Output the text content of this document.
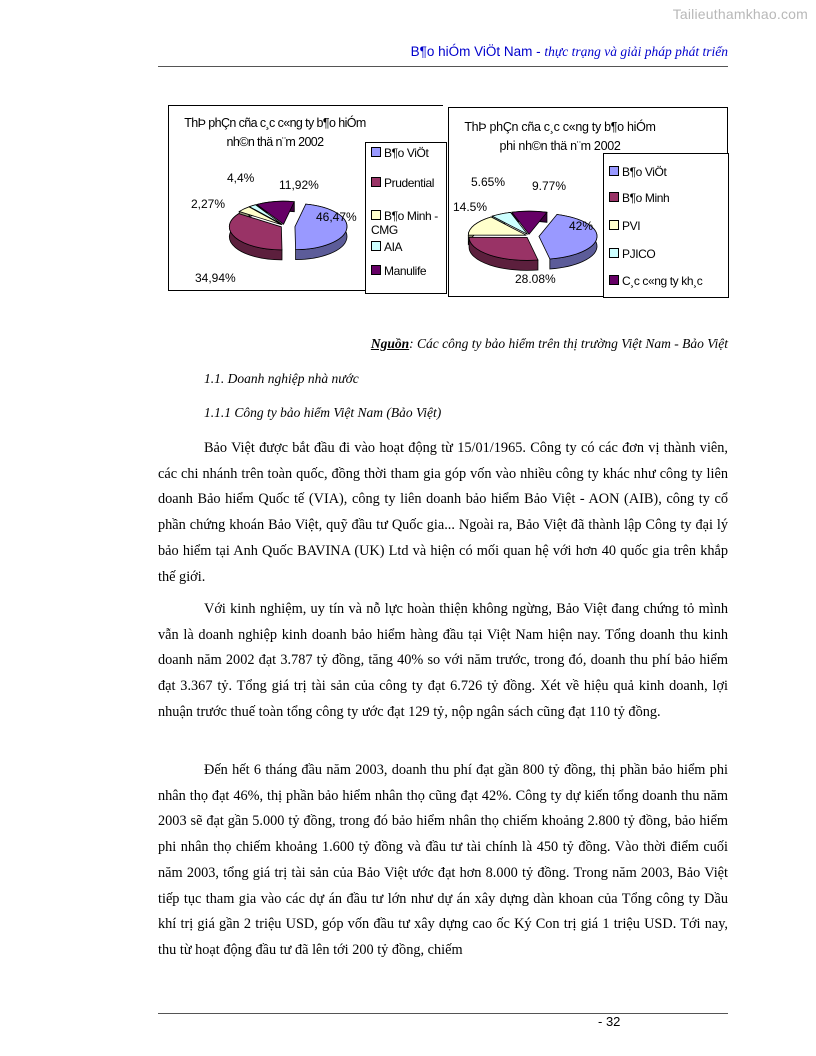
Tailieuthamkhao.com
B¶o hiÓm ViÖt Nam - thực trạng và giải pháp phát triển
ThÞ phÇn cña c¸c c«ng ty b¶o hiÓm nh©n thä n¨m 2002
46,47%
34,94%
4,4%
2,27%
11,92%
B¶o ViÖt
Prudential
B¶o Minh - CMG
AIA
Manulife
ThÞ phÇn cña c¸c c«ng ty b¶o hiÓm phi nh©n thä n¨m 2002
42%
28.08%
14.5%
5.65% 9.77%
B¶o ViÖt
B¶o Minh
PVI
PJICO
C¸c c«ng ty kh¸c
Nguồn: Các công ty bảo hiểm trên thị trường Việt Nam - Bảo Việt
1.1. Doanh nghiệp nhà nước
1.1.1 Công ty bảo hiểm Việt Nam (Bảo Việt)
Bảo Việt được bắt đầu đi vào hoạt động từ 15/01/1965. Công ty có các đơn vị thành viên, các chi nhánh trên toàn quốc, đồng thời tham gia góp vốn vào nhiều công ty khác như công ty liên doanh Bảo hiểm Quốc tế (VIA), công ty liên doanh bảo hiểm Bảo Việt - AON (AIB), công ty cổ phần chứng khoán Bảo Việt, quỹ đầu tư Quốc gia... Ngoài ra, Bảo Việt đã thành lập Công ty đại lý bảo hiểm tại Anh Quốc BAVINA (UK) Ltd và hiện có mối quan hệ với hơn 40 quốc gia trên khắp thế giới.
Với kinh nghiệm, uy tín và nỗ lực hoàn thiện không ngừng, Bảo Việt đang chứng tỏ mình vẫn là doanh nghiệp kinh doanh bảo hiểm hàng đầu tại Việt Nam hiện nay. Tổng doanh thu kinh doanh năm 2002 đạt 3.787 tỷ đồng, tăng 40% so với năm trước, trong đó, doanh thu phí bảo hiểm đạt 3.367 tỷ. Tổng giá trị tài sản của công ty đạt 6.726 tỷ đồng. Xét về hiệu quả kinh doanh, lợi nhuận trước thuế toàn tổng công ty ước đạt 129 tỷ, nộp ngân sách cũng đạt 110 tỷ đồng.
Đến hết 6 tháng đầu năm 2003, doanh thu phí đạt gần 800 tỷ đồng, thị phần bảo hiểm phi nhân thọ đạt 46%, thị phần bảo hiểm nhân thọ cũng đạt 42%. Công ty dự kiến tổng doanh thu năm 2003 sẽ đạt gần 5.000 tỷ đồng, trong đó bảo hiểm nhân thọ chiếm khoảng 2.800 tỷ đồng, bảo hiểm phi nhân thọ chiếm khoảng 1.600 tỷ đồng và đầu tư tài chính là 450 tỷ đồng. Vào thời điểm cuối năm 2003, tổng giá trị tài sản của Bảo Việt ước đạt hơn 8.000 tỷ đồng. Trong năm 2003, Bảo Việt tiếp tục tham gia vào các dự án đầu tư lớn như dự án xây dựng dàn khoan của Tổng công ty Dầu khí trị giá gần 2 triệu USD, góp vốn đầu tư xây dựng cao ốc Ký Con trị giá 1 triệu USD. Tới nay, thu từ hoạt động đầu tư đã lên tới 200 tỷ đồng, chiếm
- 32
